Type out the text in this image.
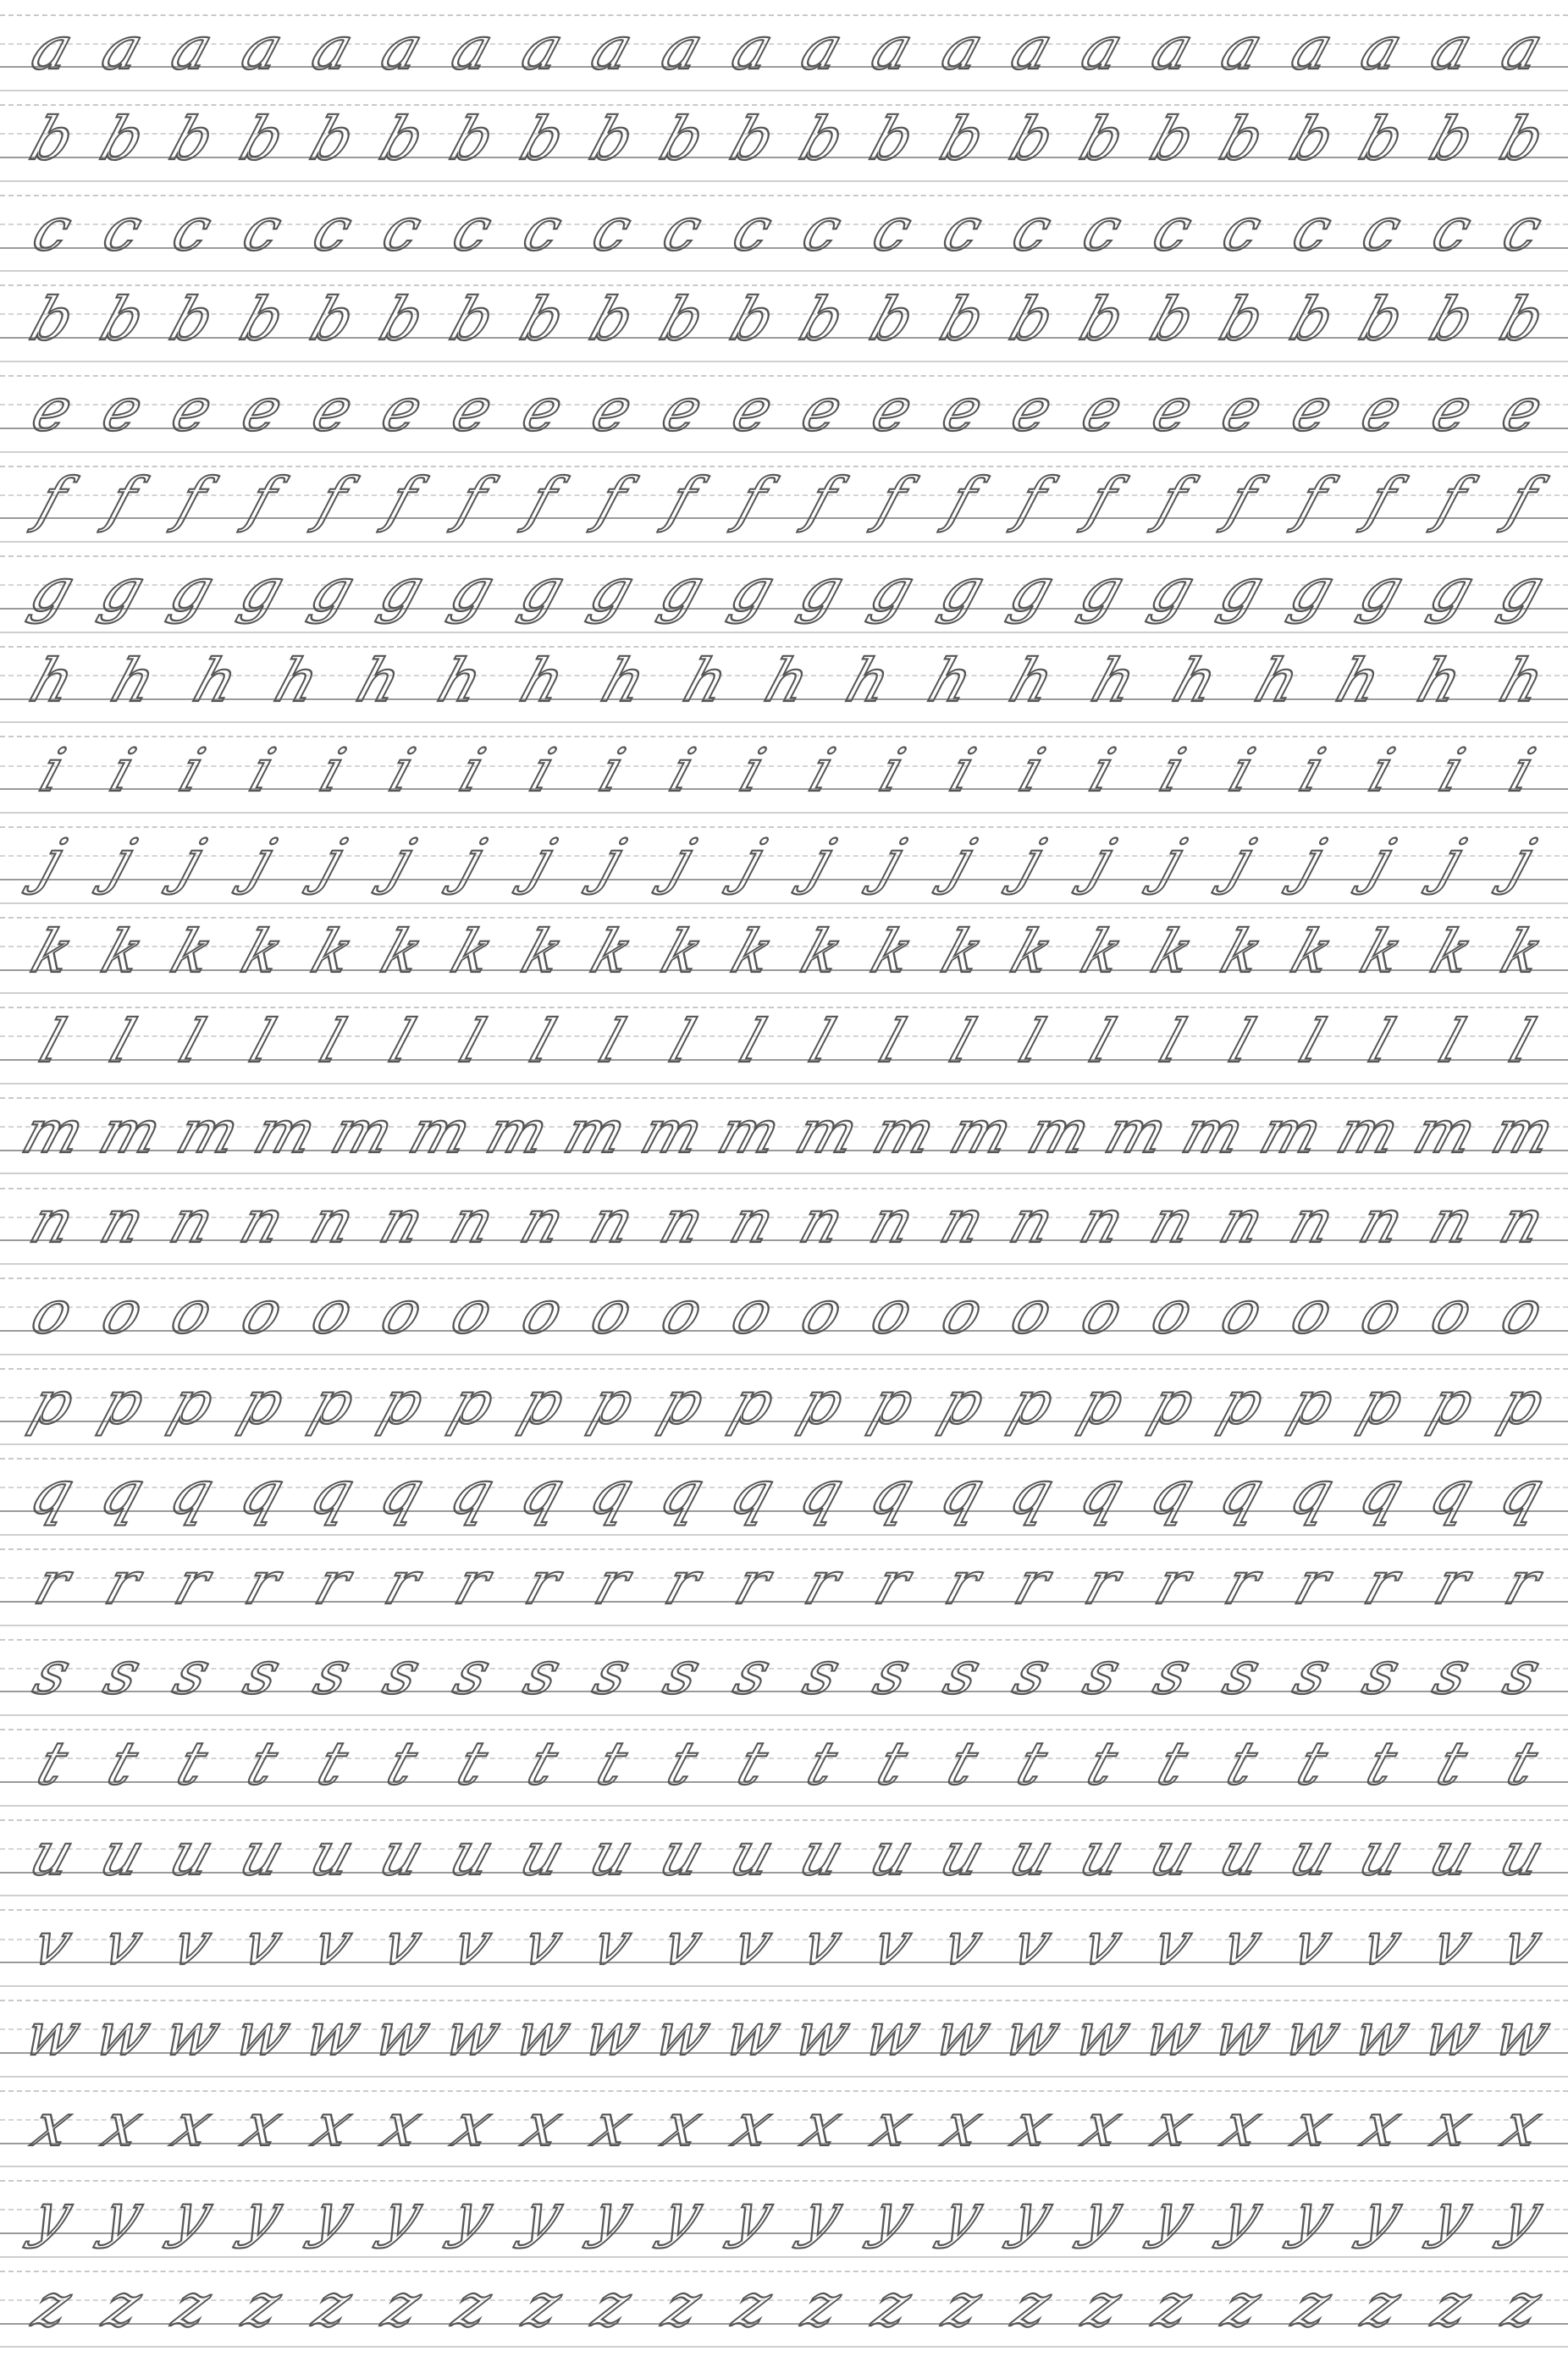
a a a a a a a a a a a a a a a a a a a a a a
b b b b b b b b b b b b b b b b b b b b b b
c c c c c c c c c c c c c c c c c c c c c c
b b b b b b b b b b b b b b b b b b b b b b
e e e e e e e e e e e e e e e e e e e e e e
f f f f f f f f f f f f f f f f f f f f f f
g g g g g g g g g g g g g g g g g g g g g g
h h h h h h h h h h h h h h h h h h h
i i i i i i i i i i i i i i i i i i i i i i
j j j j j j j j j j j j j j j j j j j j j j
k k k k k k k k k k k k k k k k k k k k k k
l l l l l l l l l l l l l l l l l l l l l l
m
m
m
m
m
m
m
m
m
m
m
m
m
m
m
m
m
m
m
m
n n n n n n n n n n n n n n n n n n n n n n
o o o o o o o o o o o o o o o o o o o o o o
p p p p p p p p p p p p p p p p p p p p p p
q q q q q q q q q q q q q q q q q q q q q q
r r r r r r r r r r r r r r r r r r r r r r
s s s s s s s s s s s s s s s s s s s s s s
t t t t t t t t t t t t t t t t t t t t t t
u u u u u u u u u u u u u u u u u u u u u u
v v v v v v v v v v v v v v v v v v v v v v
w
w
w
w
w
w
w
w
w
w
w
w
w
w
w
w
w
w
w
w
w
w
x x x x x x x x x x x x x x x x x x x x x x
y y y y y y y y y y y y y y y y y y y y y y
z z z z z z z z z z z z z z z z z z z z z z
